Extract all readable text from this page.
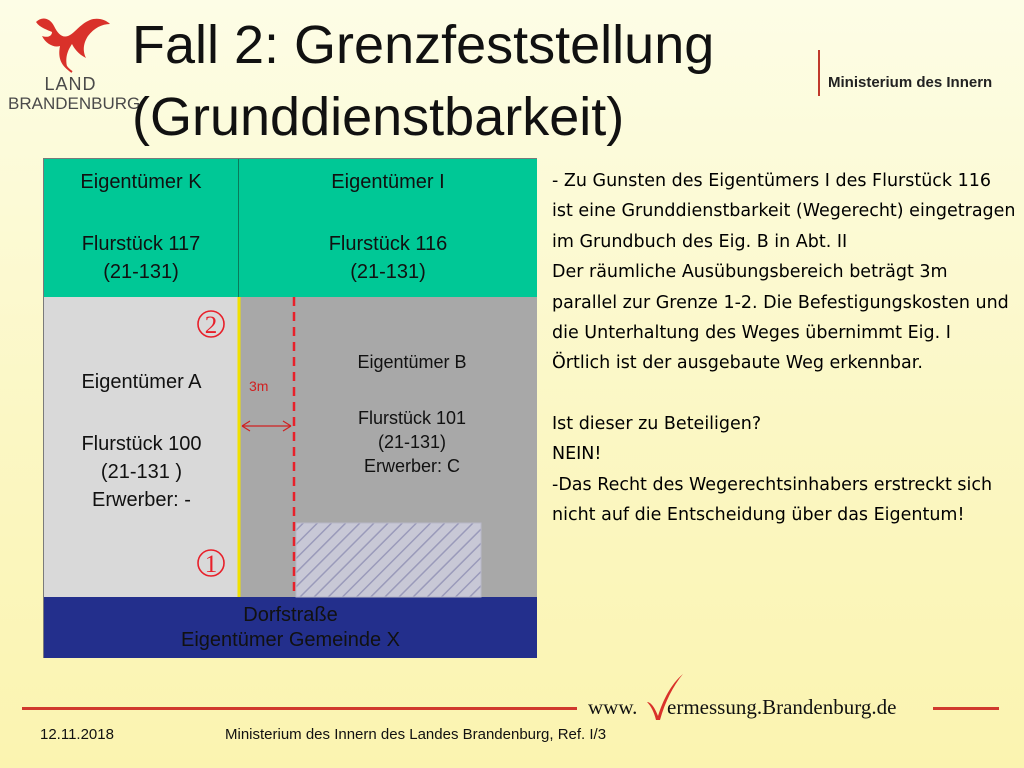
LAND
BRANDENBURG
Fall 2: Grenzfeststellung
(Grunddienstbarkeit)
Ministerium des Innern
Eigentümer K
Flurstück 117
(21-131)
Eigentümer I
Flurstück 116
(21-131)
Eigentümer A
Flurstück 100
(21-131 )
Erwerber: -
Eigentümer B
Flurstück 101
(21-131)
Erwerber: C
Dorfstraße
Eigentümer Gemeinde X
2
1
3m

- Zu Gunsten des Eigentümers I des Flurstück 116 ist eine Grunddienstbarkeit (Wegerecht) eingetragen im Grundbuch des Eig. B in Abt. II

Der räumliche Ausübungsbereich beträgt 3m parallel zur Grenze 1-2. Die Befestigungskosten und die Unterhaltung des Weges übernimmt Eig. I

Örtlich ist der ausgebaute Weg erkennbar.

Ist dieser zu Beteiligen?

NEIN!

-Das Recht des Wegerechtsinhabers erstreckt sich nicht auf die Entscheidung über das Eigentum!

www. ermessung.Brandenburg.de
12.11.2018	Ministerium des Innern des Landes Brandenburg, Ref. I/3
